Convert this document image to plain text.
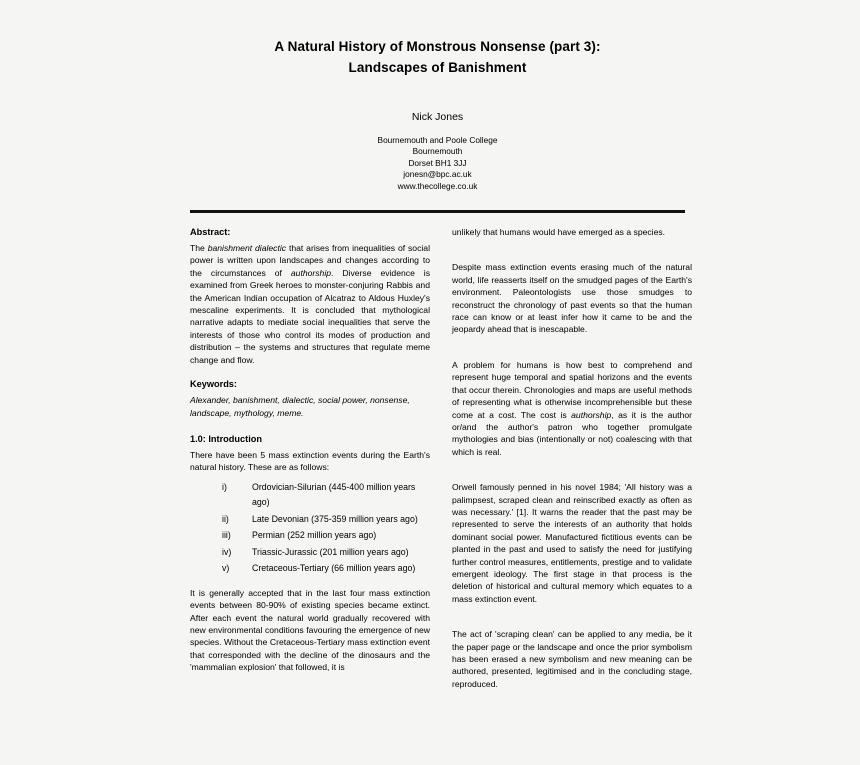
A Natural History of Monstrous Nonsense (part 3):
Landscapes of Banishment

Nick Jones

Bournemouth and Poole College

Bournemouth

Dorset BH1 3JJ

jonesn@bpc.ac.uk

www.thecollege.co.uk

Abstract:

The banishment dialectic that arises from inequalities of social power is written upon landscapes and changes according to the circumstances of authorship. Diverse evidence is examined from Greek heroes to monster-conjuring Rabbis and the American Indian occupation of Alcatraz to Aldous Huxley's mescaline experiments. It is concluded that mythological narrative adapts to mediate social inequalities that serve the interests of those who control its modes of production and distribution – the systems and structures that regulate meme change and flow.

Keywords:

Alexander, banishment, dialectic, social power, nonsense, landscape, mythology, meme.

1.0: Introduction

There have been 5 mass extinction events during the Earth's natural history. These are as follows:

i)	Ordovician-Silurian (445-400 million years ago)
ii)	Late Devonian (375-359 million years ago)
iii)	Permian (252 million years ago)
iv)	Triassic-Jurassic (201 million years ago)
v)	Cretaceous-Tertiary (66 million years ago)

It is generally accepted that in the last four mass extinction events between 80-90% of existing species became extinct. After each event the natural world gradually recovered with new environmental conditions favouring the emergence of new species. Without the Cretaceous-Tertiary mass extinction event that corresponded with the decline of the dinosaurs and the 'mammalian explosion' that followed, it is

unlikely that humans would have emerged as a species.

Despite mass extinction events erasing much of the natural world, life reasserts itself on the smudged pages of the Earth's environment. Paleontologists use those smudges to reconstruct the chronology of past events so that the human race can know or at least infer how it came to be and the jeopardy ahead that is inescapable.

A problem for humans is how best to comprehend and represent huge temporal and spatial horizons and the events that occur therein. Chronologies and maps are useful methods of representing what is otherwise incomprehensible but these come at a cost. The cost is authorship, as it is the author or/and the author's patron who together promulgate mythologies and bias (intentionally or not) coalescing with that which is real.

Orwell famously penned in his novel 1984; 'All history was a palimpsest, scraped clean and reinscribed exactly as often as was necessary.' [1]. It warns the reader that the past may be represented to serve the interests of an authority that holds dominant social power. Manufactured fictitious events can be planted in the past and used to satisfy the need for justifying further control measures, entitlements, prestige and to validate emergent ideology. The first stage in that process is the deletion of historical and cultural memory which equates to a mass extinction event.

The act of 'scraping clean' can be applied to any media, be it the paper page or the landscape and once the prior symbolism has been erased a new symbolism and new meaning can be authored, presented, legitimised and in the concluding stage, reproduced.
